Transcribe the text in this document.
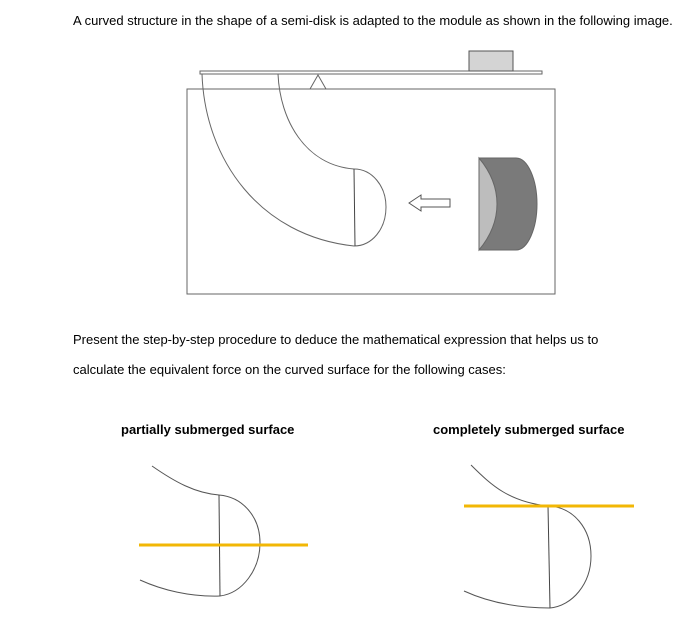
A curved structure in the shape of a semi-disk is adapted to the module as shown in the following image.

Present the step-by-step procedure to deduce the mathematical expression that helps us to

calculate the equivalent force on the curved surface for the following cases:

partially submerged surface	completely submerged surface
